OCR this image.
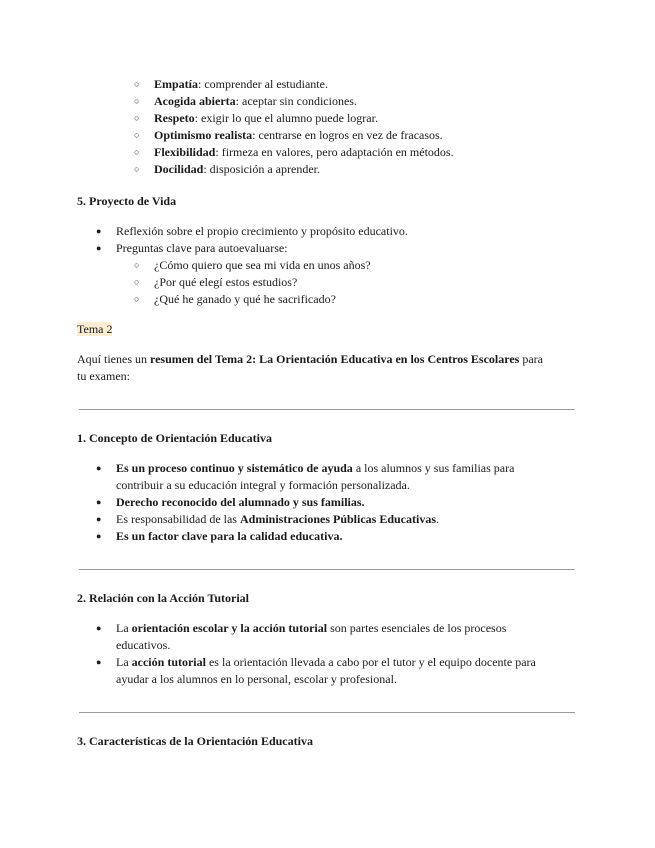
○ Empatía: comprender al estudiante.
○ Acogida abierta: aceptar sin condiciones.
○ Respeto: exigir lo que el alumno puede lograr.
○ Optimismo realista: centrarse en logros en vez de fracasos.
○ Flexibilidad: firmeza en valores, pero adaptación en métodos.
○ Docilidad: disposición a aprender.
5. Proyecto de Vida
● Reflexión sobre el propio crecimiento y propósito educativo.
● Preguntas clave para autoevaluarse:
○ ¿Cómo quiero que sea mi vida en unos años?
○ ¿Por qué elegí estos estudios?
○ ¿Qué he ganado y qué he sacrificado?
Tema 2
Aquí tienes un resumen del Tema 2: La Orientación Educativa en los Centros Escolares para
tu examen:
1. Concepto de Orientación Educativa
● Es un proceso continuo y sistemático de ayuda a los alumnos y sus familias para
contribuir a su educación integral y formación personalizada.
● Derecho reconocido del alumnado y sus familias.
● Es responsabilidad de las Administraciones Públicas Educativas.
● Es un factor clave para la calidad educativa.
2. Relación con la Acción Tutorial
● La orientación escolar y la acción tutorial son partes esenciales de los procesos
educativos.
● La acción tutorial es la orientación llevada a cabo por el tutor y el equipo docente para
ayudar a los alumnos en lo personal, escolar y profesional.
3. Características de la Orientación Educativa
